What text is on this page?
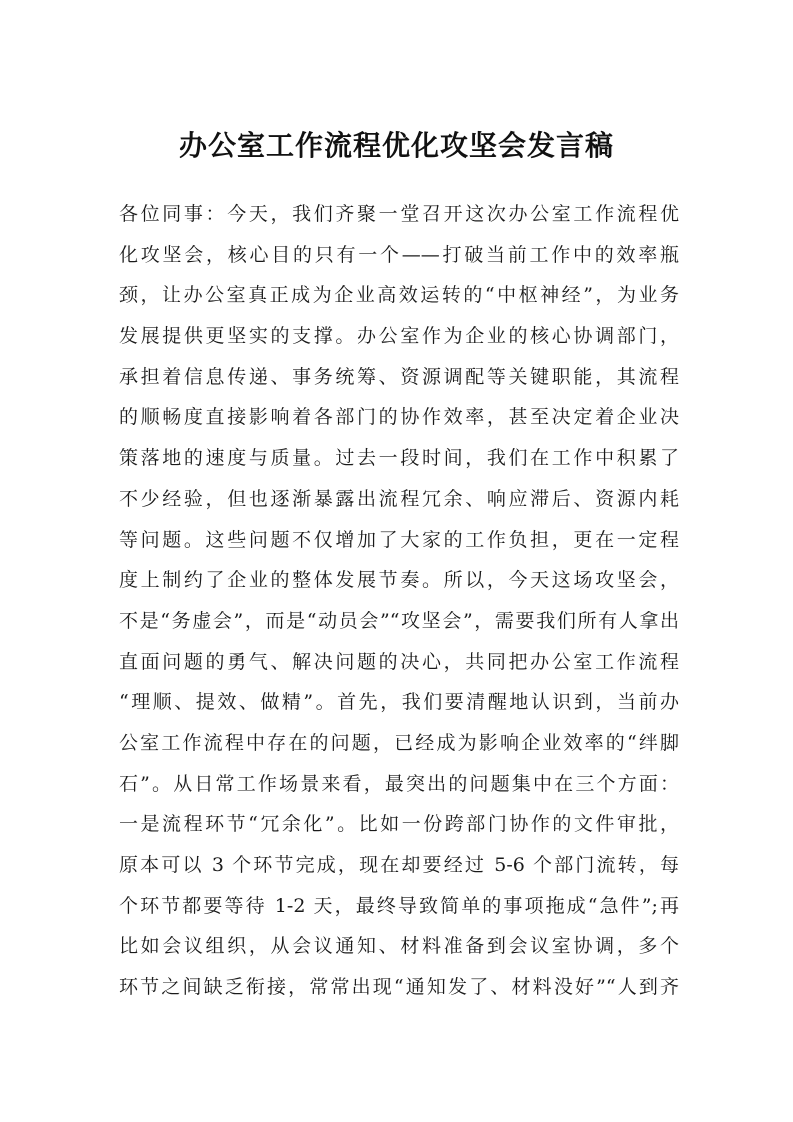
办公室工作流程优化攻坚会发言稿
各位同事：今天，我们齐聚一堂召开这次办公室工作流程优
化攻坚会，核心目的只有一个——打破当前工作中的效率瓶
颈，让办公室真正成为企业高效运转的“中枢神经”，为业务
发展提供更坚实的支撑。办公室作为企业的核心协调部门，
承担着信息传递、事务统筹、资源调配等关键职能，其流程
的顺畅度直接影响着各部门的协作效率，甚至决定着企业决
策落地的速度与质量。过去一段时间，我们在工作中积累了
不少经验，但也逐渐暴露出流程冗余、响应滞后、资源内耗
等问题。这些问题不仅增加了大家的工作负担，更在一定程
度上制约了企业的整体发展节奏。所以，今天这场攻坚会，
不是“务虚会”，而是“动员会”“攻坚会”，需要我们所有人拿出
直面问题的勇气、解决问题的决心，共同把办公室工作流程
“理顺、提效、做精”。首先，我们要清醒地认识到，当前办
公室工作流程中存在的问题，已经成为影响企业效率的“绊脚
石”。从日常工作场景来看，最突出的问题集中在三个方面：
一是流程环节“冗余化”。比如一份跨部门协作的文件审批，
原本可以 3 个环节完成，现在却要经过 5-6 个部门流转，每
个环节都要等待 1-2 天，最终导致简单的事项拖成“急件”;再
比如会议组织，从会议通知、材料准备到会议室协调，多个
环节之间缺乏衔接，常常出现“通知发了、材料没好”“人到齐
